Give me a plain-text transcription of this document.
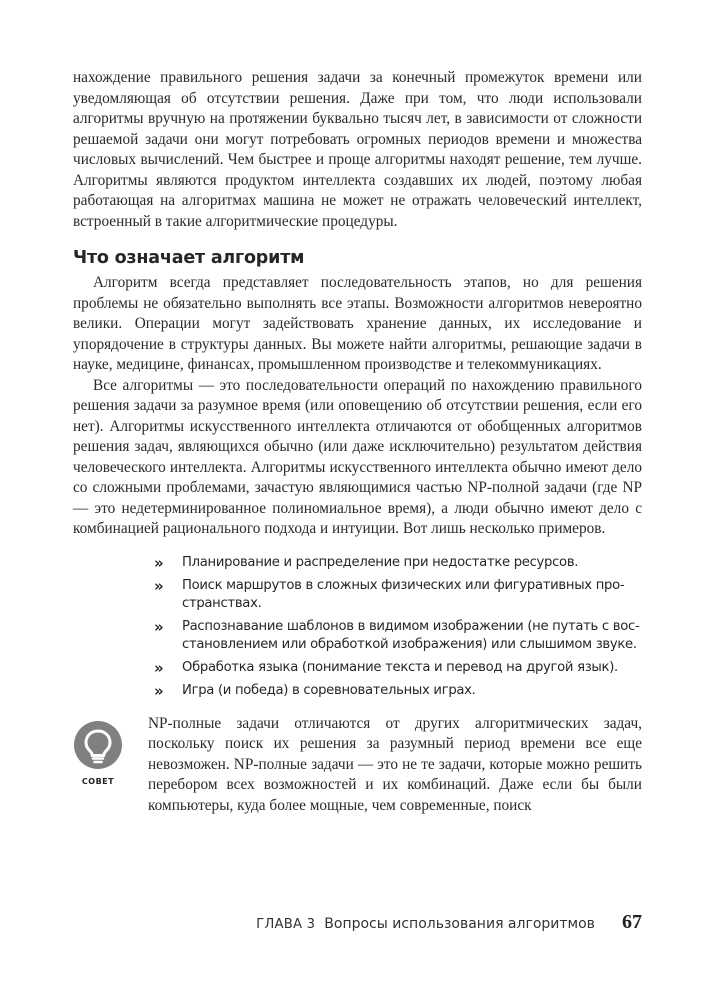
нахождение правильного решения задачи за конечный промежуток времени или уведомляющая об отсутствии решения. Даже при том, что люди использовали алгоритмы вручную на протяжении буквально тысяч лет, в зависимости от сложности решаемой задачи они могут потребовать огромных периодов времени и множества числовых вычислений. Чем быстрее и проще алгоритмы находят решение, тем лучше. Алгоритмы являются продуктом интеллекта создавших их людей, поэтому любая работающая на алгоритмах машина не может не отражать человеческий интеллект, встроенный в такие алгоритмические процедуры.

Что означает алгоритм

Алгоритм всегда представляет последовательность этапов, но для решения проблемы не обязательно выполнять все этапы. Возможности алгоритмов невероятно велики. Операции могут задействовать хранение данных, их исследование и упорядочение в структуры данных. Вы можете найти алгоритмы, решающие задачи в науке, медицине, финансах, промышленном производстве и телекоммуникациях.

Все алгоритмы — это последовательности операций по нахождению правильного решения задачи за разумное время (или оповещению об отсутствии решения, если его нет). Алгоритмы искусственного интеллекта отличаются от обобщенных алгоритмов решения задач, являющихся обычно (или даже исключительно) результатом действия человеческого интеллекта. Алгоритмы искусственного интеллекта обычно имеют дело со сложными проблемами, зачастую являющимися частью NP-полной задачи (где NP — это недетерминированное полиномиальное время), а люди обычно имеют дело с комбинацией рационального подхода и интуиции. Вот лишь несколько примеров.

» Планирование и распределение при недостатке ресурсов.
» Поиск маршрутов в сложных физических или фигуративных пространствах.
» Распознавание шаблонов в видимом изображении (не путать с восстановлением или обработкой изображения) или слышимом звуке.
» Обработка языка (понимание текста и перевод на другой язык).
» Игра (и победа) в соревновательных играх.
СОВЕТ

NP-полные задачи отличаются от других алгоритмических задач, поскольку поиск их решения за разумный период времени все еще невозможен. NP-полные задачи — это не те задачи, которые можно решить перебором всех возможностей и их комбинаций. Даже если бы были компьютеры, куда более мощные, чем современные, поиск

ГЛАВА 3 Вопросы использования алгоритмов 67
